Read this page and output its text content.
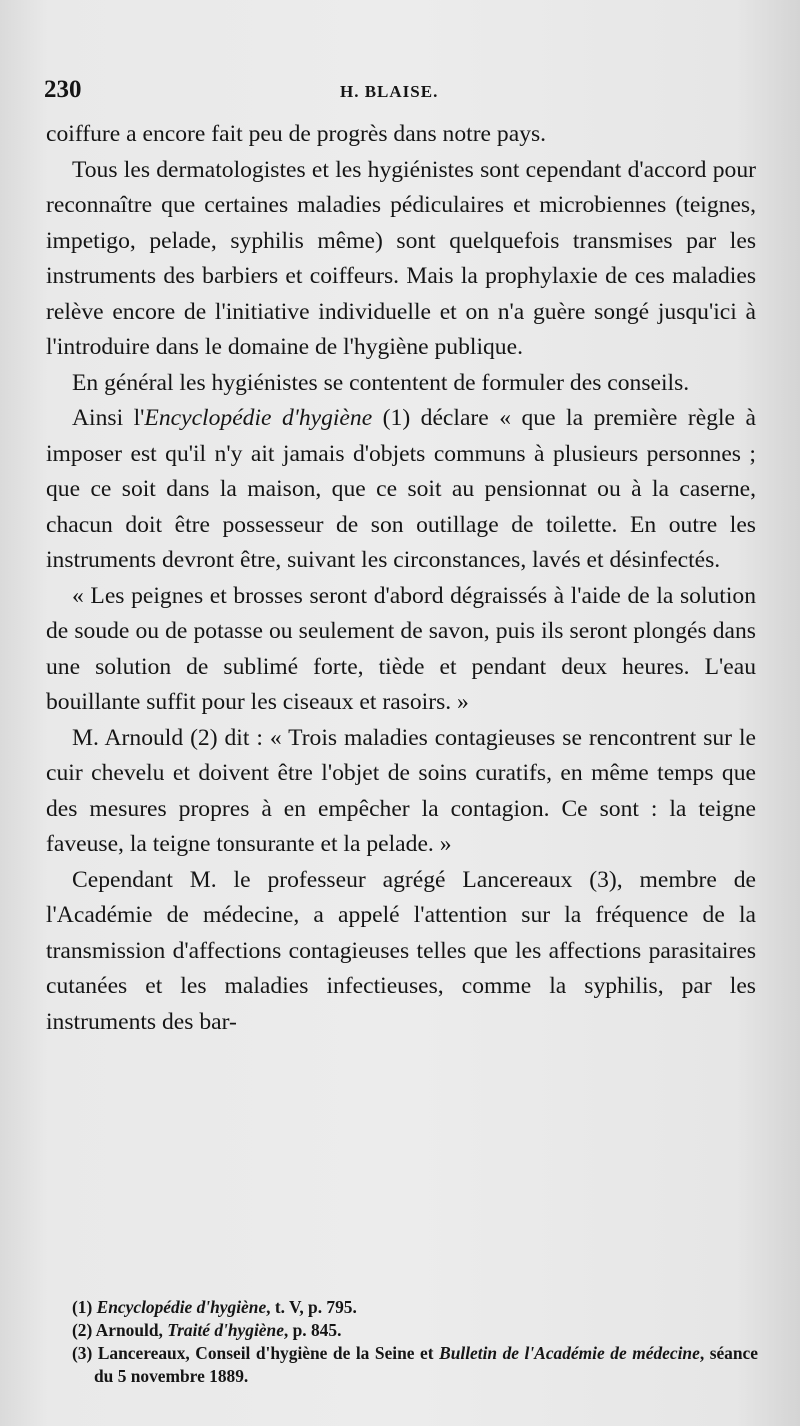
230	H. BLAISE.

coiffure a encore fait peu de progrès dans notre pays.

Tous les dermatologistes et les hygiénistes sont cependant d'accord pour reconnaître que certaines maladies pédiculaires et microbiennes (teignes, impetigo, pelade, syphilis même) sont quelquefois transmises par les instruments des barbiers et coiffeurs. Mais la prophylaxie de ces maladies relève encore de l'initiative individuelle et on n'a guère songé jusqu'ici à l'introduire dans le domaine de l'hygiène publique.

En général les hygiénistes se contentent de formuler des conseils.

Ainsi l'Encyclopédie d'hygiène (1) déclare « que la première règle à imposer est qu'il n'y ait jamais d'objets communs à plusieurs personnes ; que ce soit dans la maison, que ce soit au pensionnat ou à la caserne, chacun doit être possesseur de son outillage de toilette. En outre les instruments devront être, suivant les circonstances, lavés et désinfectés.

« Les peignes et brosses seront d'abord dégraissés à l'aide de la solution de soude ou de potasse ou seulement de savon, puis ils seront plongés dans une solution de sublimé forte, tiède et pendant deux heures. L'eau bouillante suffit pour les ciseaux et rasoirs. »

M. Arnould (2) dit : « Trois maladies contagieuses se rencontrent sur le cuir chevelu et doivent être l'objet de soins curatifs, en même temps que des mesures propres à en empêcher la contagion. Ce sont : la teigne faveuse, la teigne tonsurante et la pelade. »

Cependant M. le professeur agrégé Lancereaux (3), membre de l'Académie de médecine, a appelé l'attention sur la fréquence de la transmission d'affections contagieuses telles que les affections parasitaires cutanées et les maladies infectieuses, comme la syphilis, par les instruments des bar-

(1) Encyclopédie d'hygiène, t. V, p. 795.

(2) Arnould, Traité d'hygiène, p. 845.

(3) Lancereaux, Conseil d'hygiène de la Seine et Bulletin de l'Académie de médecine, séance du 5 novembre 1889.
